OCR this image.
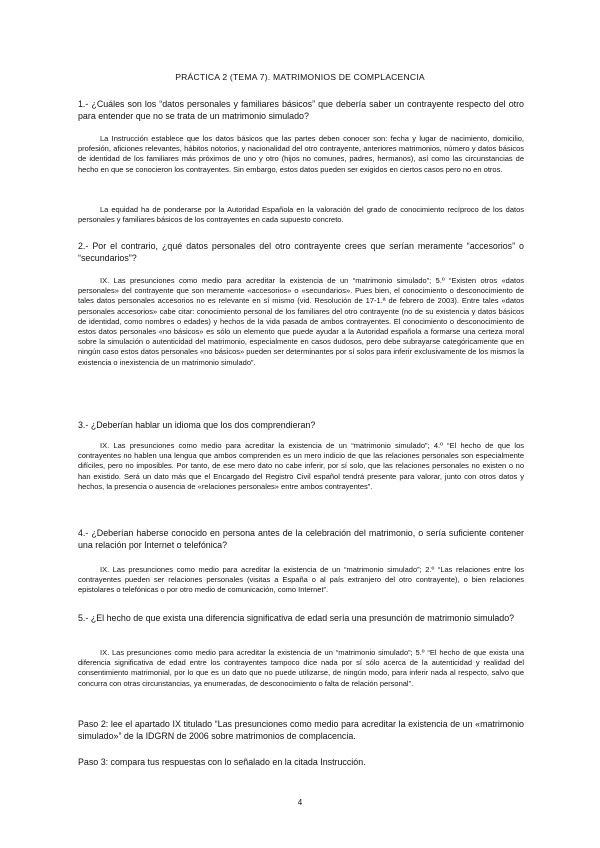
PRÁCTICA 2 (TEMA 7). MATRIMONIOS DE COMPLACENCIA

1.- ¿Cuáles son los “datos personales y familiares básicos” que debería saber un contrayente respecto del otro para entender que no se trata de un matrimonio simulado?

La Instrucción establece que los datos básicos que las partes deben conocer son: fecha y lugar de nacimiento, domicilio, profesión, aficiones relevantes, hábitos notorios, y nacionalidad del otro contrayente, anteriores matrimonios, número y datos básicos de identidad de los familiares más próximos de uno y otro (hijos no comunes, padres, hermanos), así como las circunstancias de hecho en que se conocieron los contrayentes. Sin embargo, estos datos pueden ser exigidos en ciertos casos pero no en otros.

La equidad ha de ponderarse por la Autoridad Española en la valoración del grado de conocimiento recíproco de los datos personales y familiares básicos de los contrayentes en cada supuesto concreto.

2.- Por el contrario, ¿qué datos personales del otro contrayente crees que serían meramente “accesorios” o “secundarios”?

IX. Las presunciones como medio para acreditar la existencia de un “matrimonio simulado”; 5.º “Existen otros «datos personales» del contrayente que son meramente «accesorios» o «secundarios». Pues bien, el conocimiento o desconocimiento de tales datos personales accesorios no es relevante en sí mismo (vid. Resolución de 17-1.ª de febrero de 2003). Entre tales «datos personales accesorios» cabe citar: conocimiento personal de los familiares del otro contrayente (no de su existencia y datos básicos de identidad, como nombres o edades) y hechos de la vida pasada de ambos contrayentes. El conocimiento o desconocimiento de estos datos personales «no básicos» es sólo un elemento que puede ayudar a la Autoridad española a formarse una certeza moral sobre la simulación o autenticidad del matrimonio, especialmente en casos dudosos, pero debe subrayarse categóricamente que en ningún caso estos datos personales «no básicos» pueden ser determinantes por sí solos para inferir exclusivamente de los mismos la existencia o inexistencia de un matrimonio simulado”.

3.- ¿Deberían hablar un idioma que los dos comprendieran?

IX. Las presunciones como medio para acreditar la existencia de un “matrimonio simulado”; 4.º “El hecho de que los contrayentes no hablen una lengua que ambos comprenden es un mero indicio de que las relaciones personales son especialmente difíciles, pero no imposibles. Por tanto, de ese mero dato no cabe inferir, por sí solo, que las relaciones personales no existen o no han existido. Será un dato más que el Encargado del Registro Civil español tendrá presente para valorar, junto con otros datos y hechos, la presencia o ausencia de «relaciones personales» entre ambos contrayentes”.

4.- ¿Deberían haberse conocido en persona antes de la celebración del matrimonio, o sería suficiente contener una relación por Internet o telefónica?

IX. Las presunciones como medio para acreditar la existencia de un “matrimonio simulado”; 2.º “Las relaciones entre los contrayentes pueden ser relaciones personales (visitas a España o al país extranjero del otro contrayente), o bien relaciones epistolares o telefónicas o por otro medio de comunicación, como Internet”.

5.- ¿El hecho de que exista una diferencia significativa de edad sería una presunción de matrimonio simulado?

IX. Las presunciones como medio para acreditar la existencia de un “matrimonio simulado”; 5.º “El hecho de que exista una diferencia significativa de edad entre los contrayentes tampoco dice nada por sí sólo acerca de la autenticidad y realidad del consentimiento matrimonial, por lo que es un dato que no puede utilizarse, de ningún modo, para inferir nada al respecto, salvo que concurra con otras circunstancias, ya enumeradas, de desconocimiento o falta de relación personal”.

Paso 2: lee el apartado IX titulado “Las presunciones como medio para acreditar la existencia de un «matrimonio simulado»” de la IDGRN de 2006 sobre matrimonios de complacencia.

Paso 3: compara tus respuestas con lo señalado en la citada Instrucción.

4
